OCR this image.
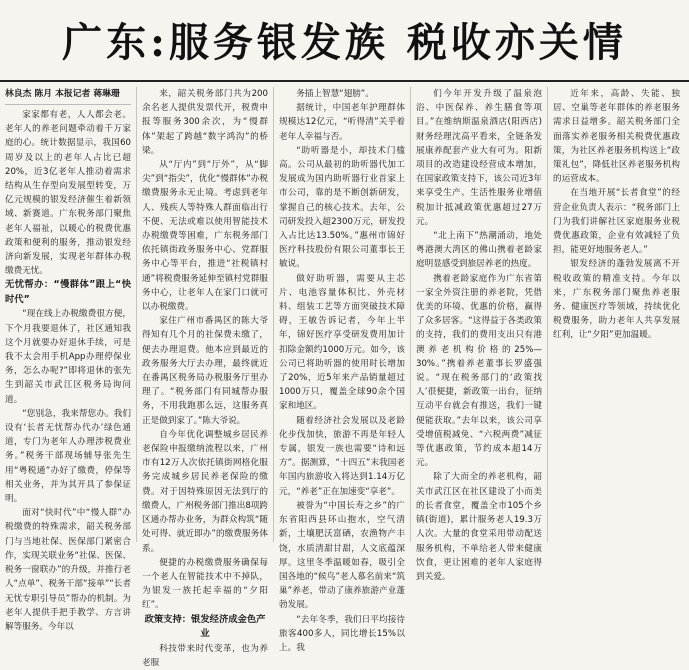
广东:服务银发族 税收亦关情
林良杰 陈月 本报记者 蒋琳珊

家家都有老，人人都会老。老年人的养老问题牵动着千万家庭的心。统计数据显示，我国60周岁及以上的老年人占比已超20%，近3亿老年人推动着需求结构从生存型向发展型转变，万亿元规模的银发经济催生着新领域、新赛道。广东税务部门聚焦老年人福祉，以暖心的税费优惠政策和便利的服务，推动银发经济向新发展，实现老年群体办税缴费无忧。

无忧帮办：“慢群体”跟上“快时代”

“现在线上办税缴费很方便，下个月我要退休了，社区通知我这个月就要办好退休手续，可是我不太会用手机App办理停保业务，怎么办呢?”即将退休的张先生到韶关市武江区税务局询问道。

“您别急，我来帮您办。我们设有‘长者无忧帮办代办’绿色通道，专门为老年人办理涉税费业务。”税务干部现场辅导张先生用“粤税通”办好了缴费，停保等相关业务，并为其开具了参保证明。

面对“快时代”中“慢人群”办税缴费的特殊需求，韶关税务部门与当地社保、医保部门紧密合作，实现关联业务“社保、医保、税务一窗联办”的升级，并推行老人“点单”、税务干部“接单”“长者无忧专职引导员”帮办的机制。为老年人提供手把手教学、方言讲解等服务。今年以

来，韶关税务部门共为200余名老人提供发票代开，税费申报等服务300余次，为“慢群体”架起了跨越“数字鸿沟”的桥梁。

从“厅内”到“厅外”，从“脚尖”到“指尖”，优化“慢群体”办税缴费服务永无止境。考虑到老年人、残疾人等特殊人群面临出行不便、无法或难以使用智能技术办税缴费等困难，广东税务部门依托镇街政务服务中心、党群服务中心等平台，推进“社税镇村通”将税费服务延伸至镇村党群服务中心，让老年人在家门口就可以办税缴费。

家住广州市番禺区的陈大爷得知有几个月的社保费未缴了，便去办理退费。他本应到最近的政务服务大厅去办理，最终就近在番禺区税务局办税服务厅里办理了。“税务部门有同城帮办服务，不用我跑那么远，这服务真正是做到家了。”陈大爷说。

自今年优化调整城乡居民养老保险申报缴纳流程以来，广州市有12万人次依托镇街网格化服务完成城乡居民养老保险的缴费。对于因特殊原因无法到厅的缴费人，广州税务部门推出8项跨区通办帮办业务，为群众构筑“随处可得、就近即办”的缴费服务体系。

便捷的办税缴费服务确保每一个老人在智能技术中不掉队，为银发一族托起幸福的“夕阳红”。

政策支持：银发经济成金色产业

科技带来时代变革，也为养老服

务插上智慧“翅膀”。

据统计，中国老年护理群体规模达12亿元，“听得清”关乎着老年人幸福与否。

“助听器是小，却技术门槛高。公司从最初的助听器代加工发展成为国内助听器行业首家上市公司，靠的是不断创新研发，掌握自己的核心技术。去年，公司研发投入超2300万元，研发投入占比达13.50%。”惠州市锦好医疗科技股份有限公司董事长王敏说。

做好助听器，需要从主芯片、电池容量体积比、外壳材料、组装工艺等方面突破技术障碍，王敏告诉记者，今年上半年，锦好医疗享受研发费用加计扣除金额约1000万元。如今，该公司已将助听器的使用时长增加了20%，近5年来产品销量超过1000万只，覆盖全球90余个国家和地区。

随着经济社会发展以及老龄化步伐加快，旅游不再是年轻人专属，银发一族也需要“诗和远方”。据测算，“十四五”末我国老年国内旅游收入将达到1.14万亿元，“养老”正在加速变“享老”。

被誉为“中国长寿之乡”的广东省阳西县环山抱水，空气清新，土壤肥沃富硒，农渔物产丰饶，水质清甜甘甜，人文底蕴深厚。这里冬季温暖如春，吸引全国各地的“候鸟”老人慕名前来“筑巢”养老，带动了康养旅游产业蓬勃发展。

“去年冬季，我们日平均接待旅客400多人，同比增长15%以上。我

们今年开发升级了温泉泡浴、中医保养、养生膳食等项目。”在维纳斯温泉酒店(阳西店)财务经理沈高平看来，全链条发展康养配套产业大有可为。阳新项目的改造建设经营成本增加，在国家政策支持下，该公司近3年来享受生产、生活性服务业增值税加计抵减政策优惠超过27万元。

“北上南下”热潮涌动，地处粤港澳大湾区的佛山携着老龄家庭明显感受到旅居养老的热度。

携着老龄家庭作为广东省第一家全外资注册的养老院，凭借优美的环境、优惠的价格，赢得了众多居客。“这得益于各类政策的支持，我们的费用支出只有港澳养老机构价格的25%—30%。”携着养老董事长罗盛强说。“现在税务部门的‘政策找人’很便捷，新政策一出台，征纳互动平台就会有推送，我们一键便能获取。”去年以来，该公司享受增值税减免、“六税两费”减征等优惠政策，节约成本超14万元。

除了大而全的养老机构，韶关市武江区在社区建设了小而美的长者食堂，覆盖全市105个乡镇(街道)，累计服务老人19.3万人次。大量的食堂采用带动配送服务机构，不单给老人带来健康饮食，更让困难的老年人家庭得到关爱。

近年来，高龄、失能、独居、空巢等老年群体的养老服务需求日益增多。韶关税务部门全面落实养老服务相关税费优惠政策，为社区养老服务机构送上“政策礼包”，降低社区养老服务机构的运营成本。

在当地开展“长者食堂”的经营企业负责人表示：“税务部门上门为我们讲解社区家庭服务业税费优惠政策，企业有效减轻了负担，能更好地服务老人。”

银发经济的蓬勃发展离不开税收政策的精准支持。今年以来，广东税务部门聚焦养老服务、健康医疗等领域，持续优化税费服务，助力老年人共享发展红利，让“夕阳”更加温暖。
